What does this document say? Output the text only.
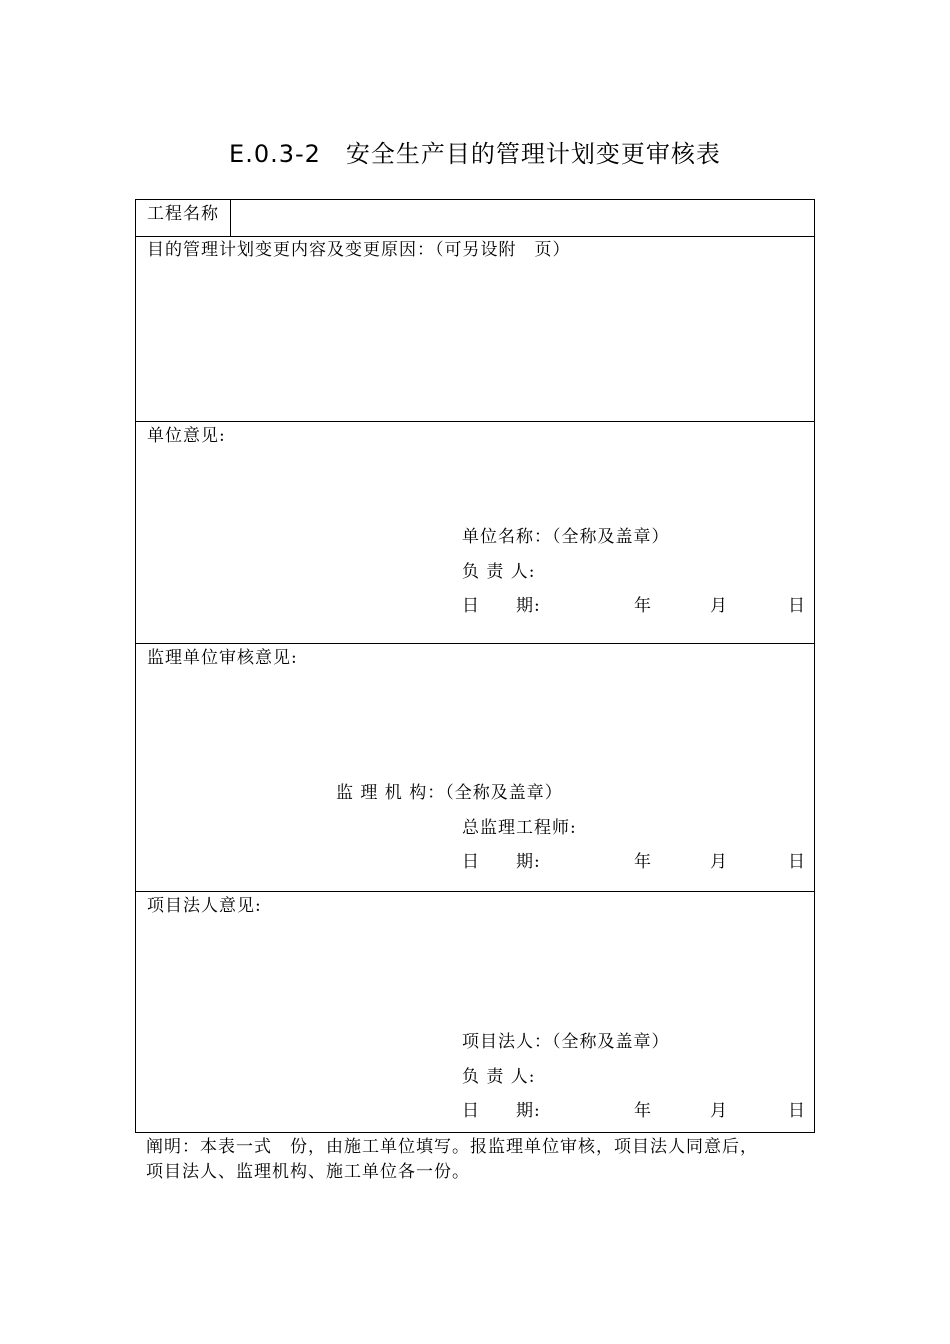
E.0.3-2　安全生产目的管理计划变更审核表
工程名称
目的管理计划变更内容及变更原因：（可另设附　页）
单位意见:
单位名称：（全称及盖章）
负 责 人:
日　　期:	年	月	日
监理单位审核意见:
监 理 机 构：（全称及盖章）
总监理工程师:
日　　期:	年	月	日
项目法人意见:
项目法人：（全称及盖章）
负 责 人:
日　　期:	年	月	日
阐明：本表一式　份，由施工单位填写。报监理单位审核，项目法人同意后，
项目法人、监理机构、施工单位各一份。
